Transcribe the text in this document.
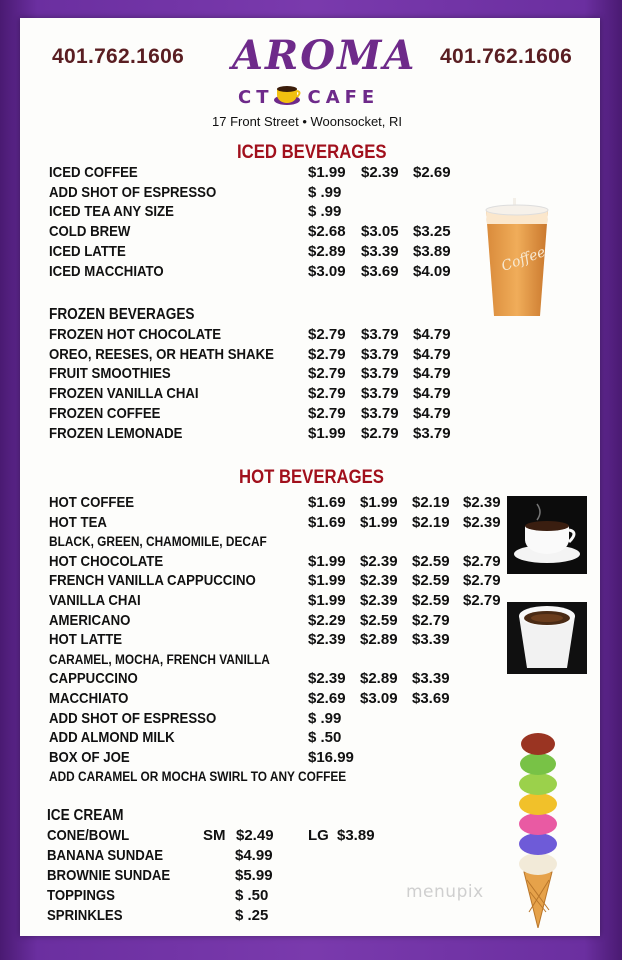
401.762.1606	401.762.1606
AROMA
CT CAFE
17 Front Street • Woonsocket, RI
ICED BEVERAGES
ICED COFFEE	$1.99 $2.39 $2.69
ADD SHOT OF ESPRESSO	$ .99
ICED TEA ANY SIZE	$ .99
COLD BREW	$2.68 $3.05 $3.25
ICED LATTE	$2.89 $3.39 $3.89
ICED MACCHIATO	$3.09 $3.69 $4.09
FROZEN BEVERAGES
FROZEN HOT CHOCOLATE	$2.79 $3.79 $4.79
OREO, REESES, OR HEATH SHAKE $2.79 $3.79 $4.79
FRUIT SMOOTHIES	$2.79 $3.79 $4.79
FROZEN VANILLA CHAI	$2.79 $3.79 $4.79
FROZEN COFFEE	$2.79 $3.79 $4.79
FROZEN LEMONADE	$1.99 $2.79 $3.79
HOT BEVERAGES
HOT COFFEE	$1.69 $1.99 $2.19 $2.39
HOT TEA	$1.69 $1.99 $2.19 $2.39
BLACK, GREEN, CHAMOMILE, DECAF
HOT CHOCOLATE	$1.99 $2.39 $2.59 $2.79
FRENCH VANILLA CAPPUCCINO	$1.99 $2.39 $2.59 $2.79
VANILLA CHAI	$1.99 $2.39 $2.59 $2.79
AMERICANO	$2.29 $2.59 $2.79
HOT LATTE	$2.39 $2.89 $3.39
CARAMEL, MOCHA, FRENCH VANILLA
CAPPUCCINO	$2.39 $2.89 $3.39
MACCHIATO	$2.69 $3.09 $3.69
ADD SHOT OF ESPRESSO	$ .99
ADD ALMOND MILK	$ .50
BOX OF JOE	$16.99
ADD CARAMEL OR MOCHA SWIRL TO ANY COFFEE
ICE CREAM
CONE/BOWL	SM $2.49 LG $3.89
BANANA SUNDAE	$4.99
BROWNIE SUNDAE	$5.99
TOPPINGS	$ .50
SPRINKLES	$ .25
Coffee
menupix
